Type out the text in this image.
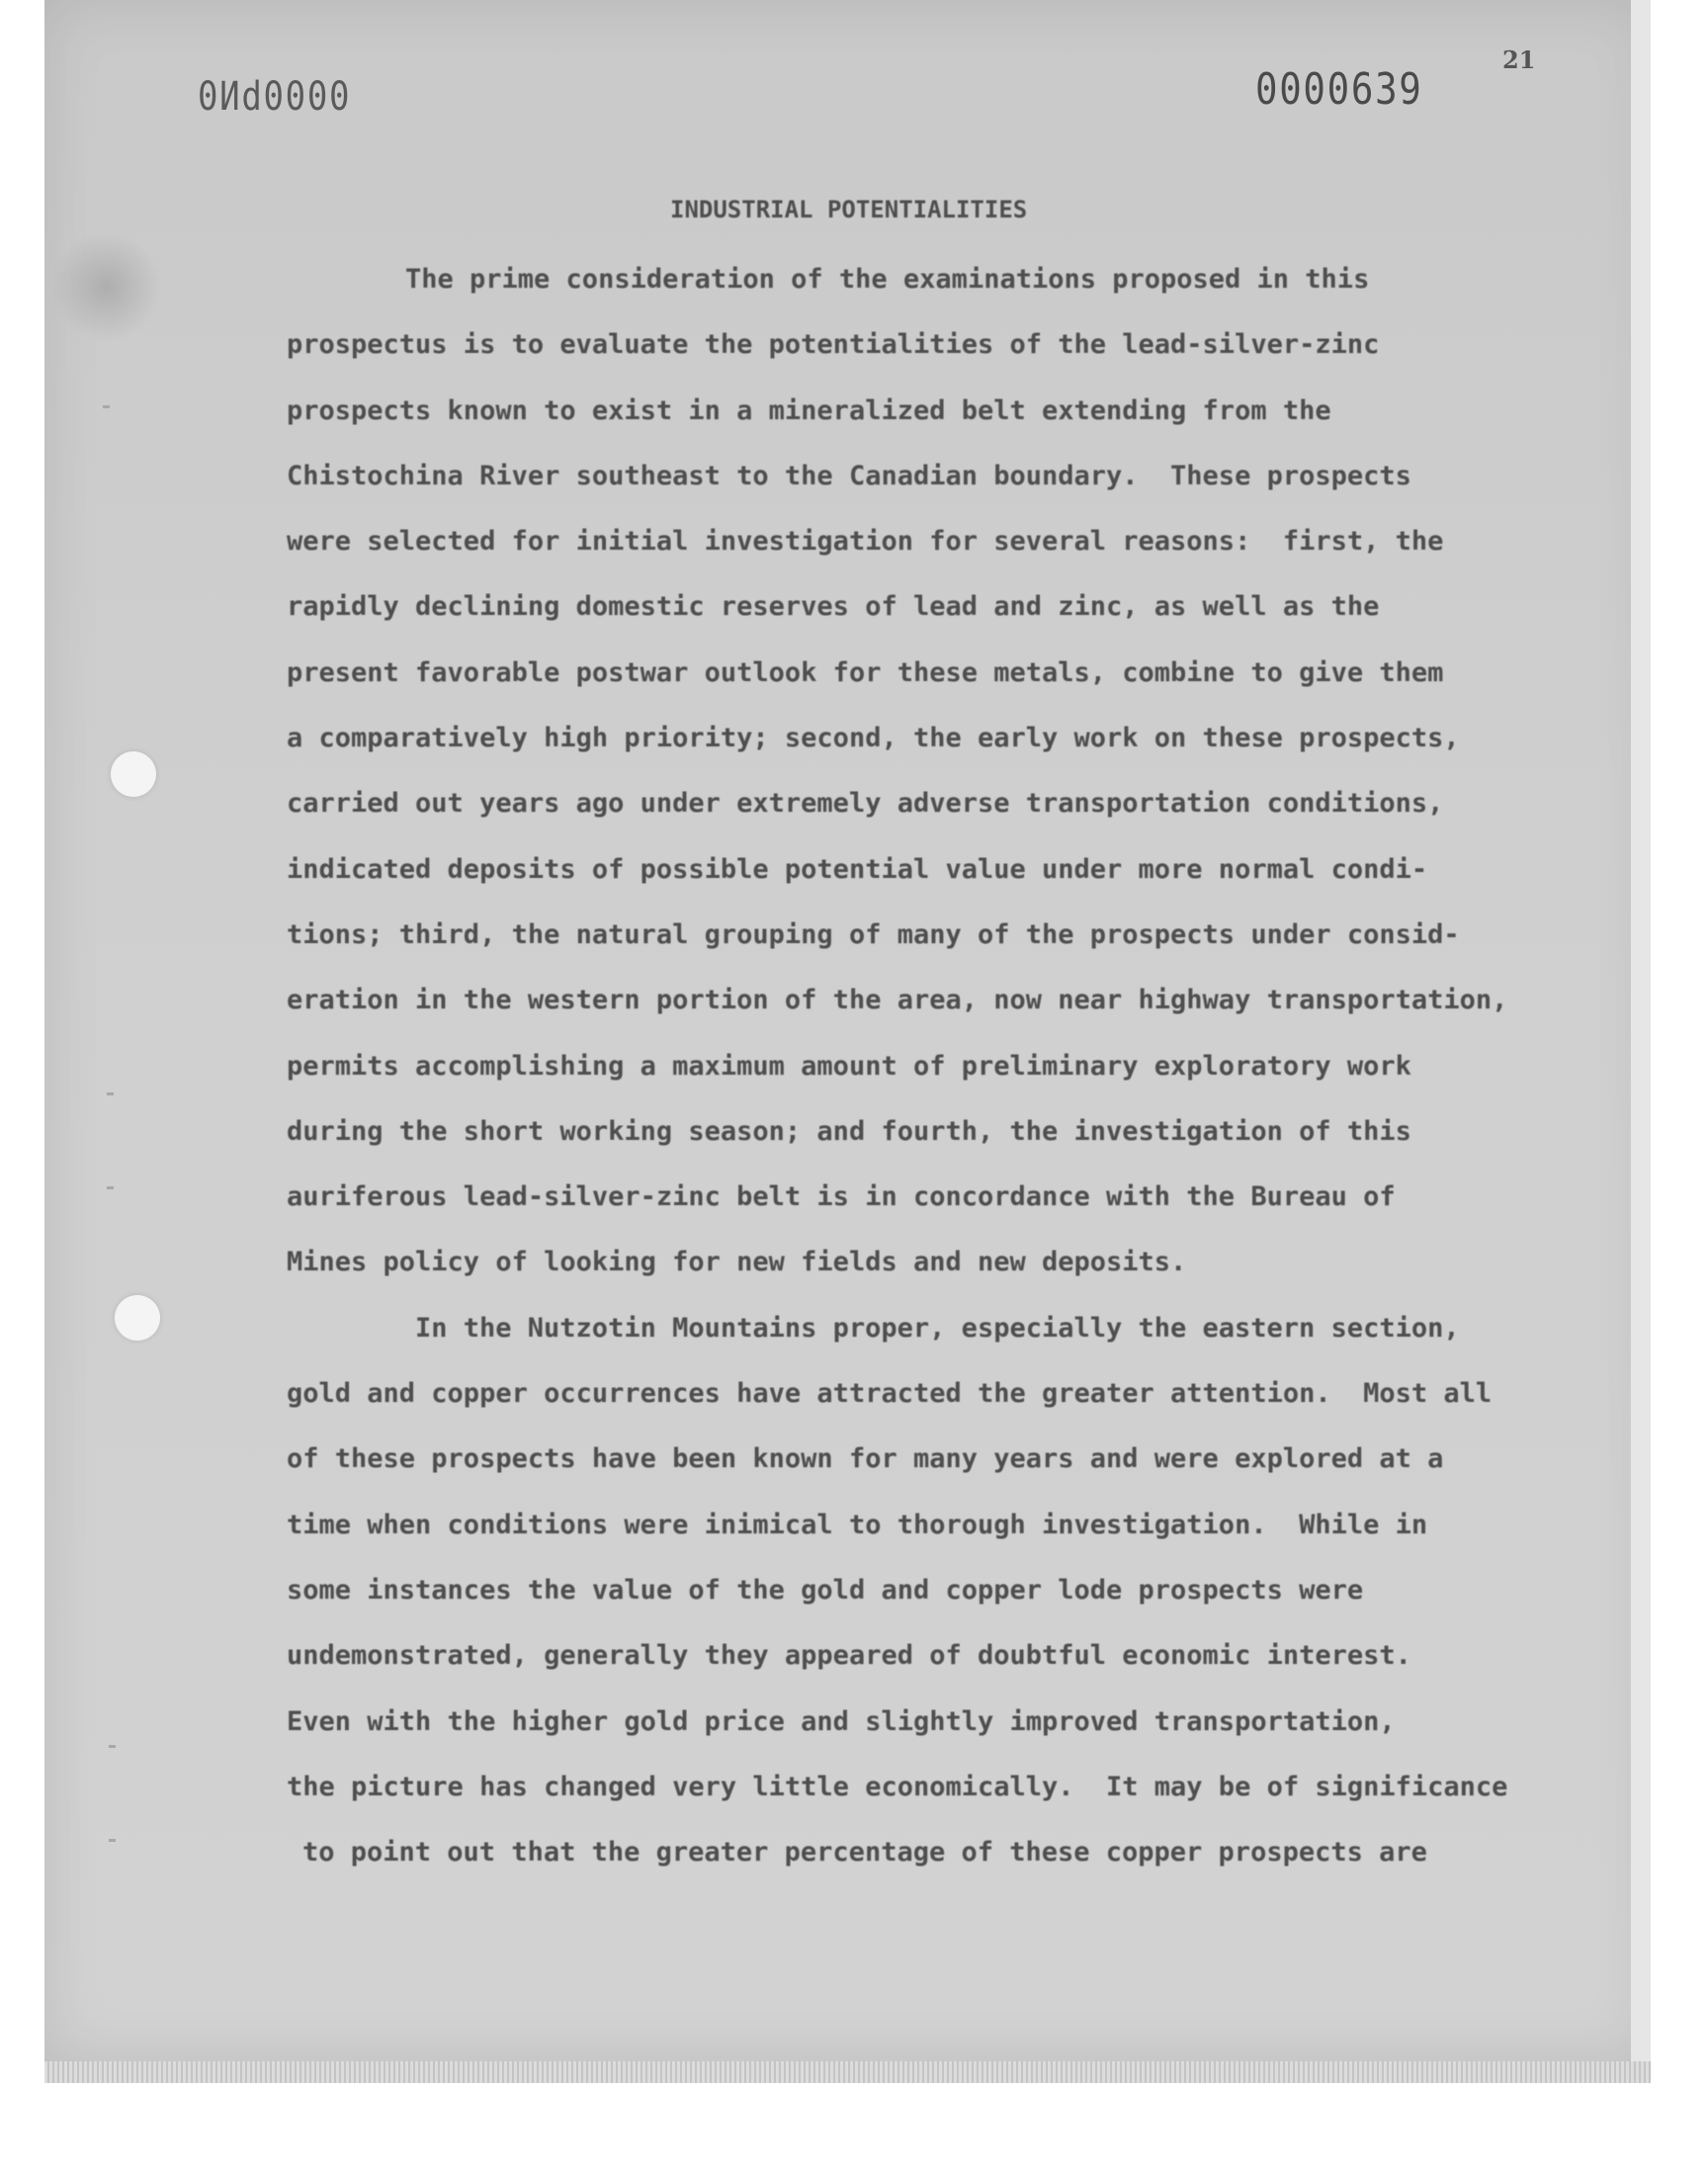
0Иd0000	0000639
21
INDUSTRIAL POTENTIALITIES
The prime consideration of the examinations proposed in this
prospectus is to evaluate the potentialities of the lead-silver-zinc
prospects known to exist in a mineralized belt extending from the
Chistochina River southeast to the Canadian boundary.  These prospects
were selected for initial investigation for several reasons:  first, the
rapidly declining domestic reserves of lead and zinc, as well as the
present favorable postwar outlook for these metals, combine to give them
a comparatively high priority; second, the early work on these prospects,
carried out years ago under extremely adverse transportation conditions,
indicated deposits of possible potential value under more normal condi-
tions; third, the natural grouping of many of the prospects under consid-
eration in the western portion of the area, now near highway transportation,
permits accomplishing a maximum amount of preliminary exploratory work
during the short working season; and fourth, the investigation of this
auriferous lead-silver-zinc belt is in concordance with the Bureau of
Mines policy of looking for new fields and new deposits.
In the Nutzotin Mountains proper, especially the eastern section,
gold and copper occurrences have attracted the greater attention.  Most all
of these prospects have been known for many years and were explored at a
time when conditions were inimical to thorough investigation.  While in
some instances the value of the gold and copper lode prospects were
undemonstrated, generally they appeared of doubtful economic interest.
Even with the higher gold price and slightly improved transportation,
the picture has changed very little economically.  It may be of significance
to point out that the greater percentage of these copper prospects are
